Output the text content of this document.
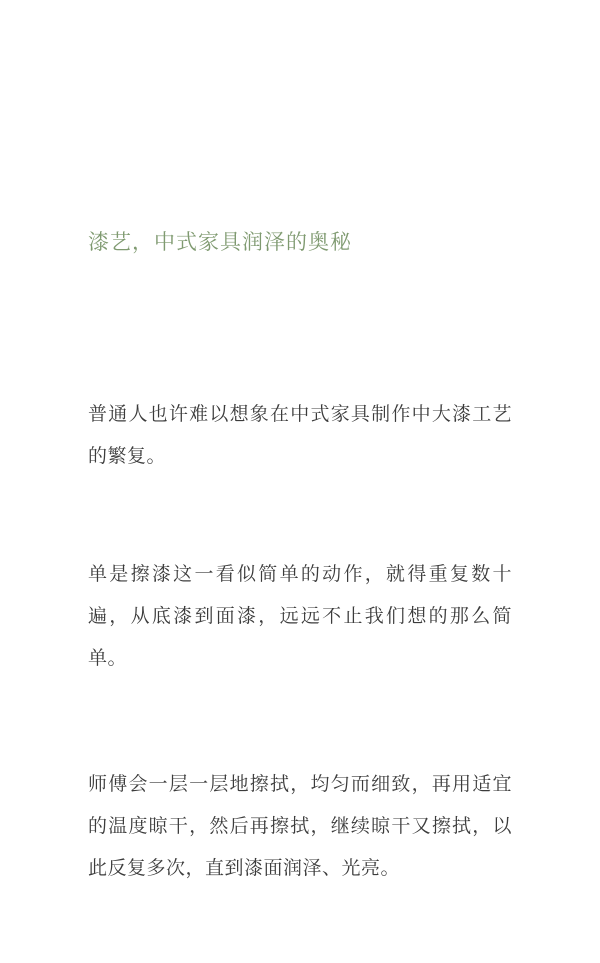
漆艺，中式家具润泽的奥秘

普通人也许难以想象在中式家具制作中大漆工艺的繁复。

单是擦漆这一看似简单的动作，就得重复数十遍，从底漆到面漆，远远不止我们想的那么简单。

师傅会一层一层地擦拭，均匀而细致，再用适宜的温度晾干，然后再擦拭，继续晾干又擦拭，以此反复多次，直到漆面润泽、光亮。
